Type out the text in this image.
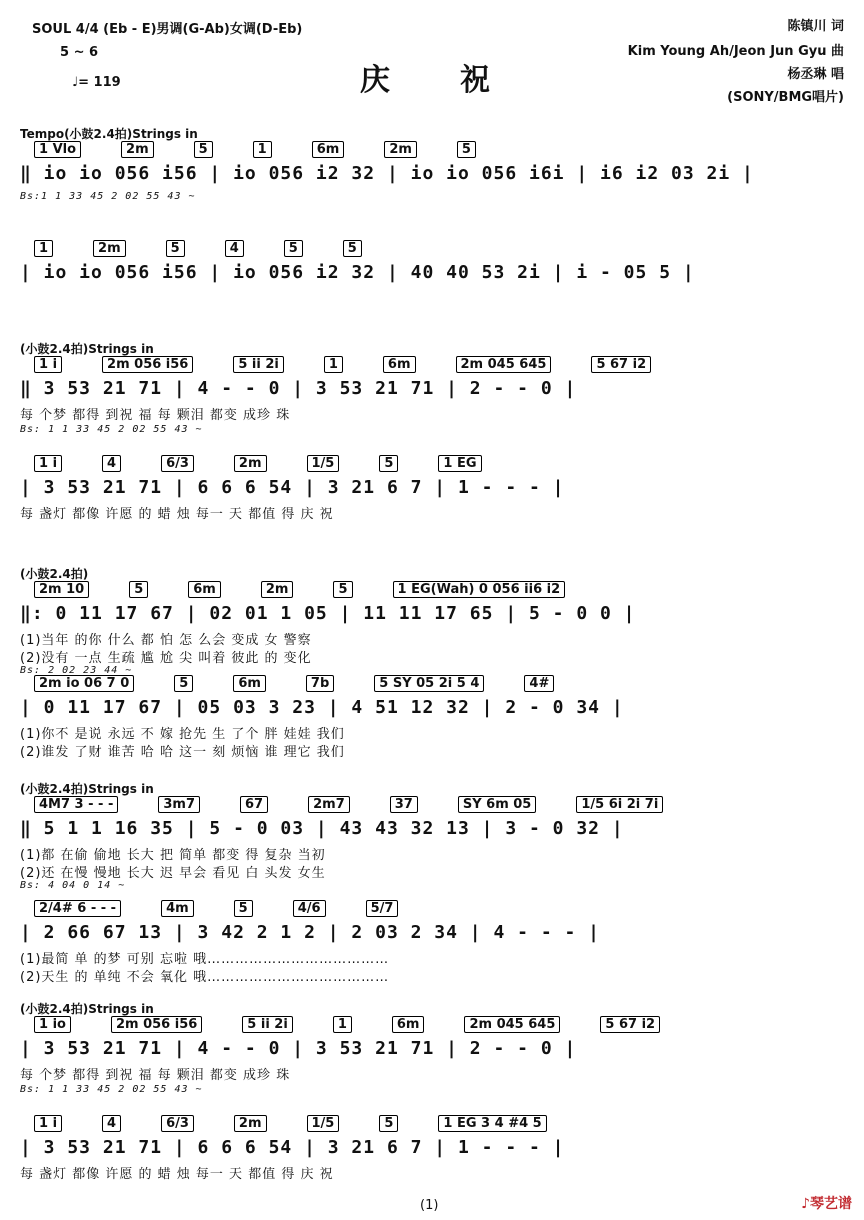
SOUL 4/4 (Eb - E)男调(G-Ab)女调(D-Eb)
5 ~ 6
♩= 119	庆祝
陈镇川 词
Kim Young Ah/Jeon Jun Gyu 曲
杨丞琳 唱
(SONY/BMG唱片)
Tempo(小鼓2.4拍)Strings in
1 Vlo	2m	5	1	6m	2m	5
‖ io io 056 i56 | io 056 i2 32 | io io 056 i6i | i6 i2 03 2i |
Bs:1 1 33 45 2 02 55 43 ~
1	2m	5	4	5	5
| io io 056 i56 | io 056 i2 32 | 40 40 53 2i | i - 05 5 |
(小鼓2.4拍)Strings in
1 i	2m 056 i56	5 ii 2i	1	6m	2m 045 645	5 67 i2
‖ 3 53 21 71 | 4 - - 0 | 3 53 21 71 | 2 - - 0 |
每 个梦 都得 到祝 福 每 颗泪 都变 成珍 珠
Bs: 1 1 33 45 2 02 55 43 ~
1 i	4	6/3	2m	1/5	5	1 EG
| 3 53 21 71 | 6 6 6 54 | 3 21 6 7 | 1 - - - |
每 盏灯 都像 许愿 的 蜡 烛 每一 天 都值 得 庆 祝
(小鼓2.4拍)
2m 10	5	6m	2m	5	1 EG(Wah) 0 056 ii6 i2
‖: 0 11 17 67 | 02 01 1 05 | 11 11 17 65 | 5 - 0 0 |
(1)当年 的你 什么 都 怕 怎 么会 变成 女 警察
(2)没有 一点 生疏 尴 尬 尖 叫着 彼此 的 变化
Bs: 2 02 23 44 ~
2m io 06 7 0	5	6m	7b	5 SY 05 2i 5 4	4#
| 0 11 17 67 | 05 03 3 23 | 4 51 12 32 | 2 - 0 34 |
(1)你不 是说 永远 不 嫁 抢先 生 了个 胖 娃娃 我们
(2)谁发 了财 谁苦 哈 哈 这一 刻 烦恼 谁 理它 我们
(小鼓2.4拍)Strings in
4M7 3 - - -	3m7	67	2m7	37	SY 6m 05	1/5 6i 2i 7i
‖ 5 1 1 16 35 | 5 - 0 03 | 43 43 32 13 | 3 - 0 32 |
(1)都 在偷 偷地 长大 把 简单 都变 得 复杂 当初
(2)还 在慢 慢地 长大 迟 早会 看见 白 头发 女生
Bs: 4 04 0 14 ~
2/4# 6 - - -	4m	5	4/6	5/7
| 2 66 67 13 | 3 42 2 1 2 | 2 03 2 34 | 4 - - - |
(1)最简 单 的梦 可别 忘啦 哦…………………………………
(2)天生 的 单纯 不会 氧化 哦…………………………………
(小鼓2.4拍)Strings in
1 io	2m 056 i56	5 ii 2i	1	6m	2m 045 645	5 67 i2
| 3 53 21 71 | 4 - - 0 | 3 53 21 71 | 2 - - 0 |
每 个梦 都得 到祝 福 每 颗泪 都变 成珍 珠
Bs: 1 1 33 45 2 02 55 43 ~
1 i	4	6/3	2m	1/5	5	1 EG 3 4 #4 5
| 3 53 21 71 | 6 6 6 54 | 3 21 6 7 | 1 - - - |
每 盏灯 都像 许愿 的 蜡 烛 每一 天 都值 得 庆 祝
(1)	♪琴艺谱
